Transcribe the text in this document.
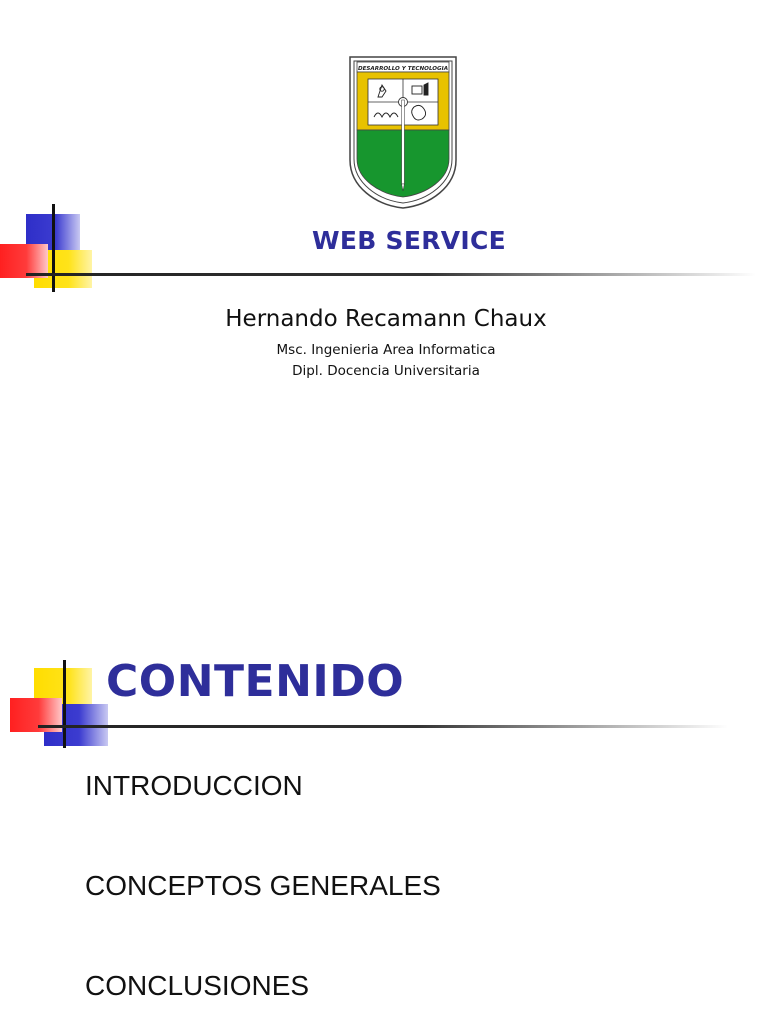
DESARROLLO Y TECNOLOGIA
WEB SERVICE
Hernando Recamann Chaux
Msc. Ingenieria Area Informatica
Dipl. Docencia Universitaria
CONTENIDO
INTRODUCCION
CONCEPTOS GENERALES
CONCLUSIONES
